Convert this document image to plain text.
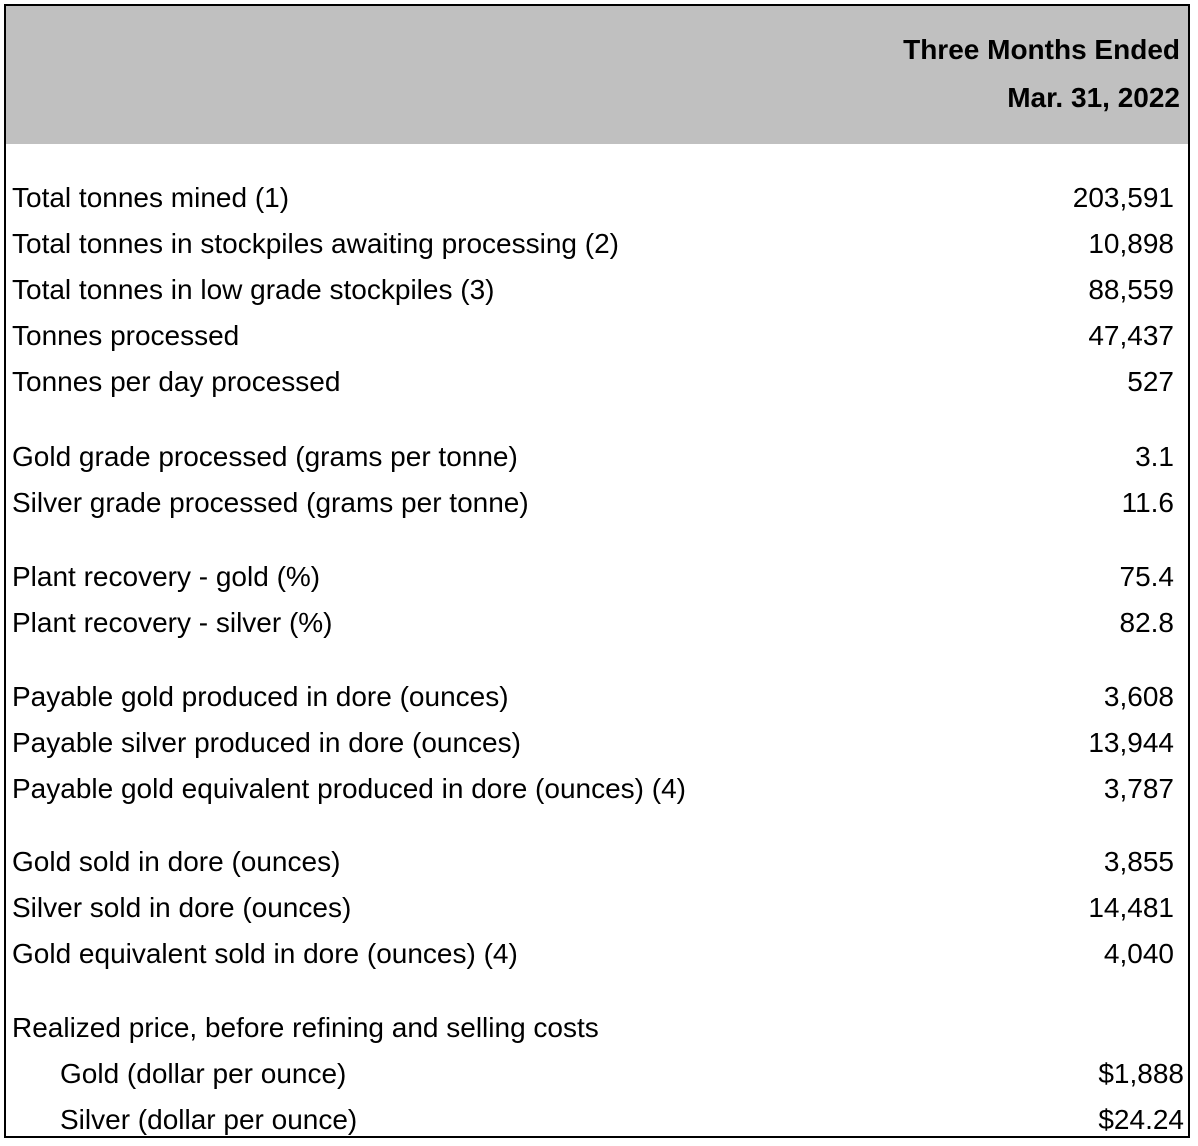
Three Months Ended
Mar. 31, 2022
Total tonnes mined (1)	203,591
Total tonnes in stockpiles awaiting processing (2)	10,898
Total tonnes in low grade stockpiles (3)	88,559
Tonnes processed	47,437
Tonnes per day processed	527
Gold grade processed (grams per tonne)	3.1
Silver grade processed (grams per tonne)	11.6
Plant recovery - gold (%)	75.4
Plant recovery - silver (%)	82.8
Payable gold produced in dore (ounces)	3,608
Payable silver produced in dore (ounces)	13,944
Payable gold equivalent produced in dore (ounces) (4)	3,787
Gold sold in dore (ounces)	3,855
Silver sold in dore (ounces)	14,481
Gold equivalent sold in dore (ounces) (4)	4,040
Realized price, before refining and selling costs
Gold (dollar per ounce)	$1,888
Silver (dollar per ounce)	$24.24
